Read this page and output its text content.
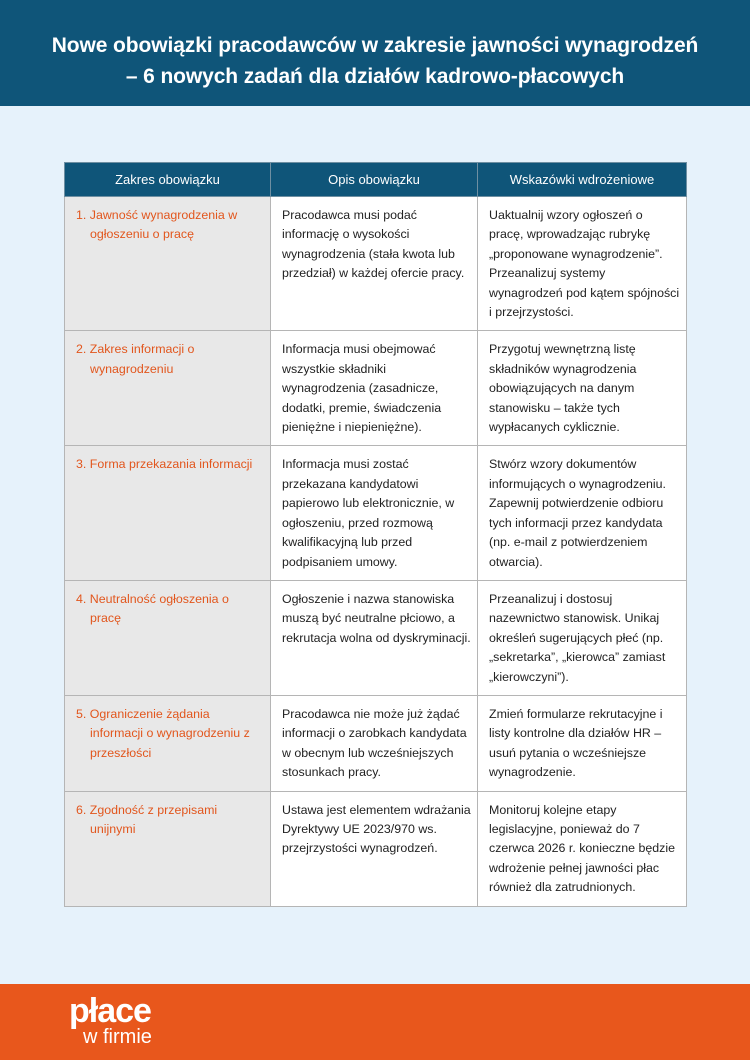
Nowe obowiązki pracodawców w zakresie jawności wynagrodzeń
– 6 nowych zadań dla działów kadrowo-płacowych
Zakres obowiązku	Opis obowiązku	Wskazówki wdrożeniowe

1. Jawność wynagrodzenia w ogłoszeniu o pracę	Pracodawca musi podać informację o wysokości wynagrodzenia (stała kwota lub przedział) w każdej ofercie pracy.	Uaktualnij wzory ogłoszeń o pracę, wprowadzając rubrykę „proponowane wynagrodzenie”. Przeanalizuj systemy wynagrodzeń pod kątem spójności i przejrzystości.

2. Zakres informacji o wynagrodzeniu	Informacja musi obejmować wszystkie składniki wynagrodzenia (zasadnicze, dodatki, premie, świadczenia pieniężne i niepieniężne).	Przygotuj wewnętrzną listę składników wynagrodzenia obowiązujących na danym stanowisku – także tych wypłacanych cyklicznie.

3. Forma przekazania informacji	Informacja musi zostać przekazana kandydatowi papierowo lub elektronicznie, w ogłoszeniu, przed rozmową kwalifikacyjną lub przed podpisaniem umowy.	Stwórz wzory dokumentów informujących o wynagrodzeniu. Zapewnij potwierdzenie odbioru tych informacji przez kandydata (np. e-mail z potwierdzeniem otwarcia).

4. Neutralność ogłoszenia o pracę	Ogłoszenie i nazwa stanowiska muszą być neutralne płciowo, a rekrutacja wolna od dyskryminacji.	Przeanalizuj i dostosuj nazewnictwo stanowisk. Unikaj określeń sugerujących płeć (np. „sekretarka”, „kierowca” zamiast „kierowczyni”).

5. Ograniczenie żądania informacji o wynagrodzeniu z przeszłości	Pracodawca nie może już żądać informacji o zarobkach kandydata w obecnym lub wcześniejszych stosunkach pracy.	Zmień formularze rekrutacyjne i listy kontrolne dla działów HR – usuń pytania o wcześniejsze wynagrodzenie.

6. Zgodność z przepisami unijnymi	Ustawa jest elementem wdrażania Dyrektywy UE 2023/970 ws. przejrzystości wynagrodzeń.	Monitoruj kolejne etapy legislacyjne, ponieważ do 7 czerwca 2026 r. konieczne będzie wdrożenie pełnej jawności płac również dla zatrudnionych.
płace
w firmie
